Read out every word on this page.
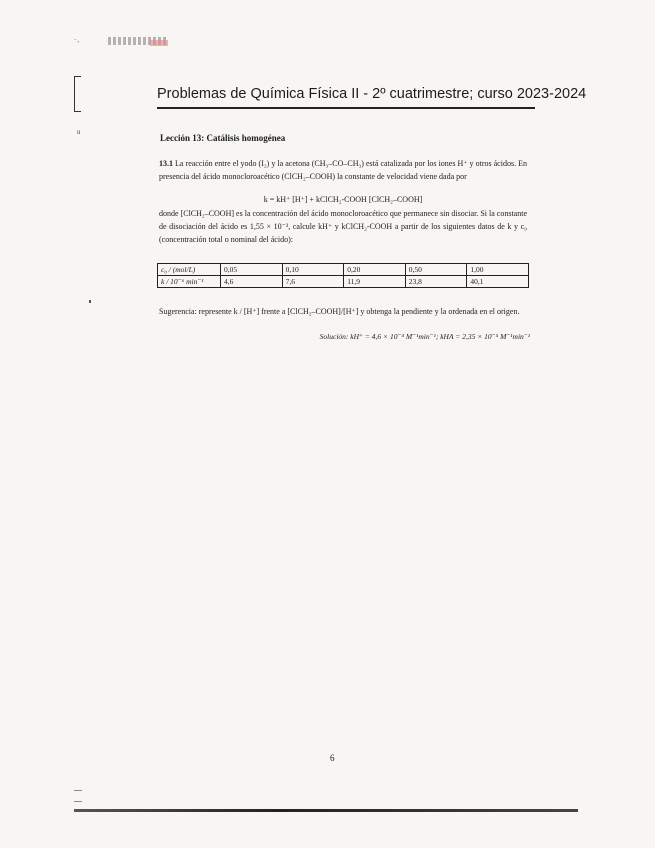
·,
u
Problemas de Química Física II - 2º cuatrimestre; curso 2023-2024
Lección 13: Catálisis homogénea
13.1 La reacción entre el yodo (I₂) y la acetona (CH₃–CO–CH₃) está catalizada por los iones H⁺ y otros ácidos. En presencia del ácido monocloroacético (ClCH₂–COOH) la constante de velocidad viene dada por
k = kH⁺ [H⁺] + kClCH₂-COOH [ClCH₂–COOH]
donde [ClCH₂–COOH] es la concentración del ácido monocloroacético que permanece sin disociar. Si la constante de disociación del ácido es 1,55 × 10⁻³, calcule kH⁺ y kClCH₂-COOH a partir de los siguientes datos de k y c₀ (concentración total o nominal del ácido):
c₀ / (mol/L)	0,05	0,10	0,20	0,50	1,00
k / 10⁻⁶ min⁻¹	4,6	7,6	11,9	23,8	40,1
Sugerencia: represente k / [H⁺] frente a [ClCH₂–COOH]/[H⁺] y obtenga la pendiente y la ordenada en el origen.
Solución: kH⁺ = 4,6 × 10⁻⁴ M⁻¹min⁻¹; kHA = 2,35 × 10⁻⁵ M⁻¹min⁻¹
6
